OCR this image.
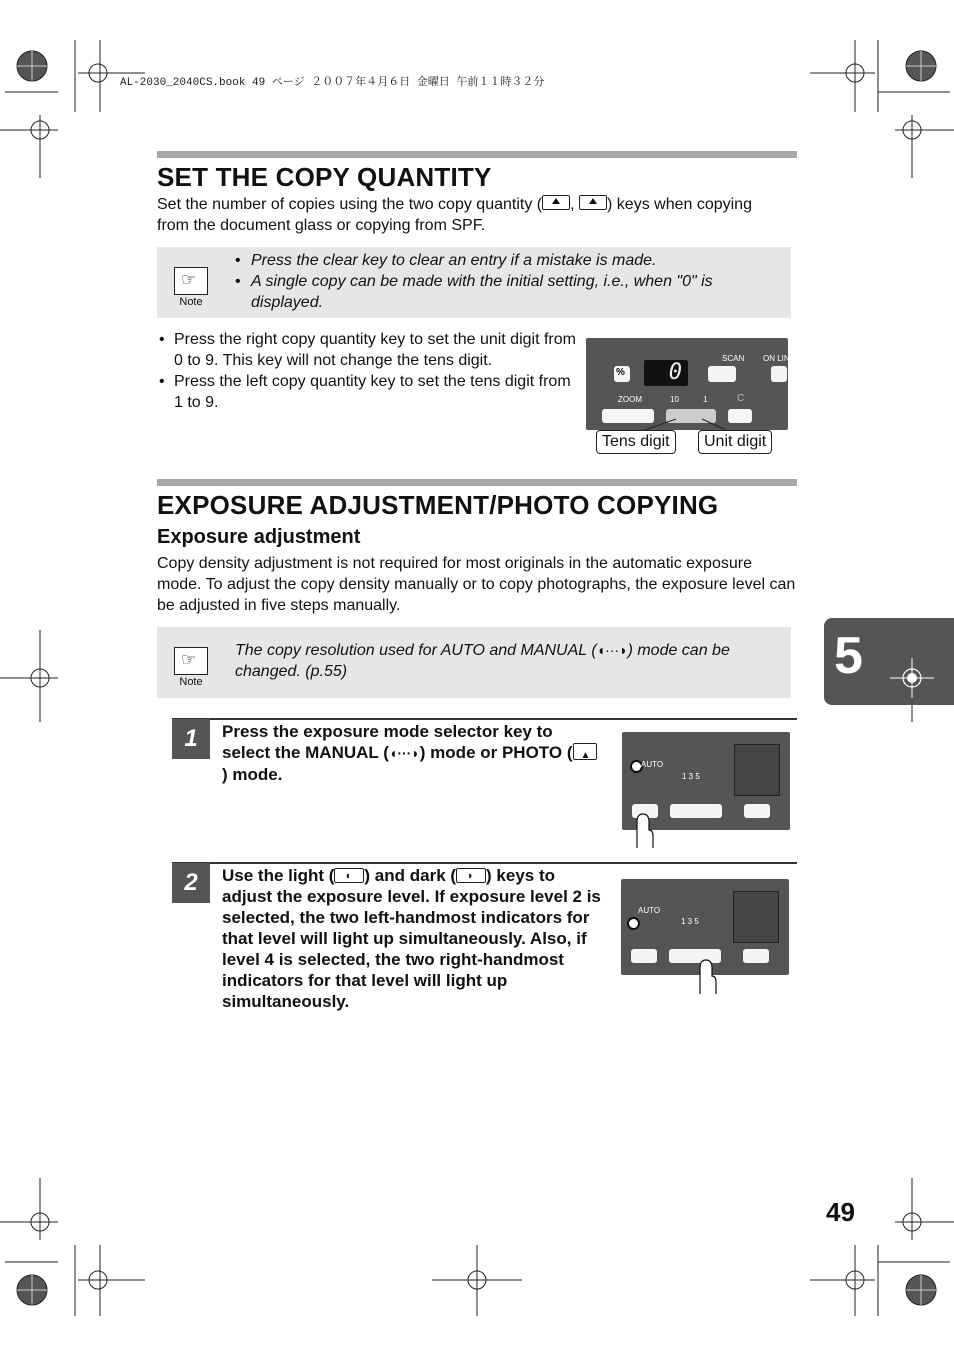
AL-2030_2040CS.book 49 ページ ２００７年４月６日 金曜日 午前１１時３２分
SET THE COPY QUANTITY

Set the number of copies using the two copy quantity ( , ) keys when copying
from the document glass or copying from SPF.

☞
Note
• Press the clear key to clear an entry if a mistake is made.
• A single copy can be made with the initial setting, i.e., when "0" is displayed.
• Press the right copy quantity key to set the unit digit from 0 to 9. This key will not change the tens digit.
• Press the left copy quantity key to set the tens digit from 1 to 9.
% 0
SCAN ON LIN
ZOOM	10	1	C
Tens digit	Unit digit
EXPOSURE ADJUSTMENT/PHOTO COPYING
Exposure adjustment

Copy density adjustment is not required for most originals in the automatic exposure mode. To adjust the copy density manually or to copy photographs, the exposure level can be adjusted in five steps manually.

☞
Note

The copy resolution used for AUTO and MANUAL (◖···◗) mode can be changed. (p.55)

1	Press the exposure mode selector key to select the MANUAL (◖···◗) mode or PHOTO ( ▲
) mode.

AUTO
1 3 5
2	Use the light ( ◖ ) and dark ( ◗ ) keys to adjust the exposure level. If exposure level 2 is selected, the two left-handmost indicators for that level will light up simultaneously. Also, if level 4 is selected, the two right-handmost indicators for that level will light up simultaneously.

AUTO
1 3 5
5
49
